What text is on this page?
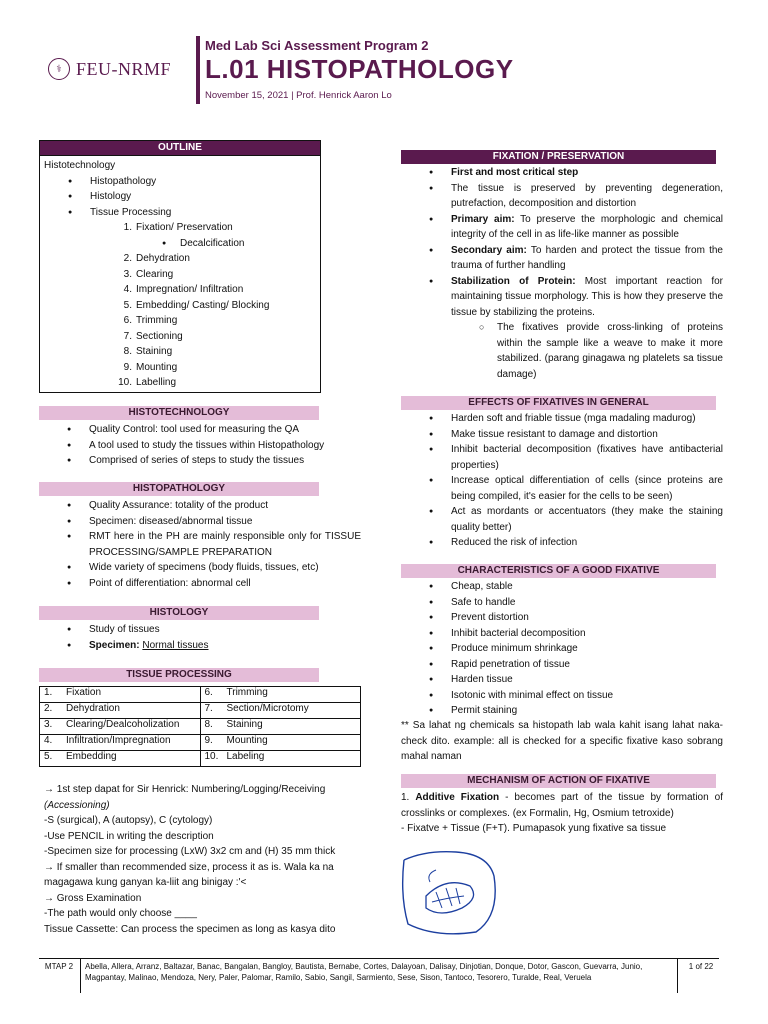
⚕ FEU-NRMF
Med Lab Sci Assessment Program 2
L.01 HISTOPATHOLOGY
November 15, 2021 | Prof. Henrick Aaron Lo
OUTLINE
Histotechnology
● Histopathology
● Histology
● Tissue Processing
1. Fixation/ Preservation
● Decalcification
2. Dehydration
3. Clearing
4. Impregnation/ Infiltration
5. Embedding/ Casting/ Blocking
6. Trimming
7. Sectioning
8. Staining
9. Mounting
10. Labelling
HISTOTECHNOLOGY
● Quality Control: tool used for measuring the QA
● A tool used to study the tissues within Histopathology
● Comprised of series of steps to study the tissues
HISTOPATHOLOGY
● Quality Assurance: totality of the product
● Specimen: diseased/abnormal tissue
● RMT here in the PH are mainly responsible only for TISSUE PROCESSING/SAMPLE PREPARATION
● Wide variety of specimens (body fluids, tissues, etc)
● Point of differentiation: abnormal cell
HISTOLOGY
● Study of tissues
● Specimen: Normal tissues
TISSUE PROCESSING
1. Fixation	6. Trimming
2. Dehydration	7. Section/Microtomy
3. Clearing/Dealcoholization	8. Staining
4. Infiltration/Impregnation	9. Mounting
5. Embedding	10. Labeling
→ 1st step dapat for Sir Henrick: Numbering/Logging/Receiving
(Accessioning)
-S (surgical), A (autopsy), C (cytology)
-Use PENCIL in writing the description
-Specimen size for processing (LxW) 3x2 cm and (H) 35 mm thick
→ If smaller than recommended size, process it as is. Wala ka na magagawa kung ganyan ka-liit ang binigay :'<
→ Gross Examination
-The path would only choose ____
Tissue Cassette: Can process the specimen as long as kasya dito
FIXATION / PRESERVATION
● First and most critical step
● The tissue is preserved by preventing degeneration, putrefaction, decomposition and distortion
● Primary aim: To preserve the morphologic and chemical integrity of the cell in as life-like manner as possible
● Secondary aim: To harden and protect the tissue from the trauma of further handling
● Stabilization of Protein: Most important reaction for maintaining tissue morphology. This is how they preserve the tissue by stabilizing the proteins.
○ The fixatives provide cross-linking of proteins within the sample like a weave to make it more stabilized. (parang ginagawa ng platelets sa tissue damage)
EFFECTS OF FIXATIVES IN GENERAL
● Harden soft and friable tissue (mga madaling madurog)
● Make tissue resistant to damage and distortion
● Inhibit bacterial decomposition (fixatives have antibacterial properties)
● Increase optical differentiation of cells (since proteins are being compiled, it's easier for the cells to be seen)
● Act as mordants or accentuators (they make the staining quality better)
● Reduced the risk of infection
CHARACTERISTICS OF A GOOD FIXATIVE
● Cheap, stable
● Safe to handle
● Prevent distortion
● Inhibit bacterial decomposition
● Produce minimum shrinkage
● Rapid penetration of tissue
● Harden tissue
● Isotonic with minimal effect on tissue
● Permit staining
** Sa lahat ng chemicals sa histopath lab wala kahit isang lahat naka-check dito. example: all is checked for a specific fixative kaso sobrang mahal naman
MECHANISM OF ACTION OF FIXATIVE
1. Additive Fixation - becomes part of the tissue by formation of crosslinks or complexes. (ex Formalin, Hg, Osmium tetroxide)
- Fixatve + Tissue (F+T). Pumapasok yung fixative sa tissue
MTAP 2 Abella, Allera, Arranz, Baltazar, Banac, Bangalan, Bangloy, Bautista, Bernabe, Cortes, Dalayoan, Dalisay, Dinjotian, Donque, Dotor, Gascon, Guevarra, Junio, Magpantay, Malinao, Mendoza, Nery, Paler, Palomar, Ramilo, Sabio, Sangil, Sarmiento, Sese, Sison, Tantoco, Tesorero, Turalde, Real, Veruela
1 of 22
